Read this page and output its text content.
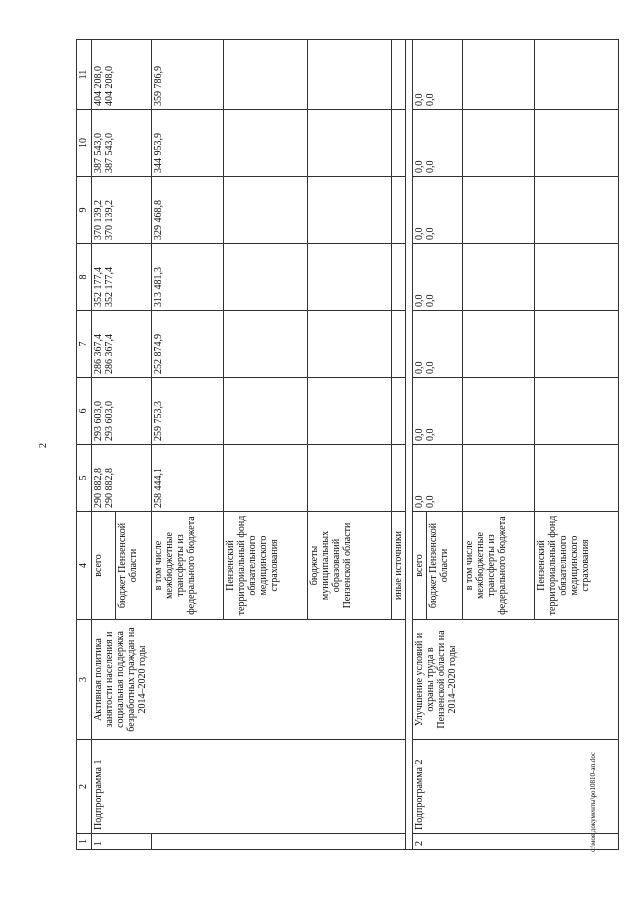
2
1	2	3	4	5	6	7	8	9	10	11
1	Подпрограмма 1	Активная политика занятости населения и социальная поддержка безработных граждан на 2014–2020 годы	всего	290 882,8 290 882,8	293 603,0 293 603,0	286 367,4 286 367,4	352 177,4 352 177,4	370 139,2 370 139,2	387 543,0 387 543,0	404 208,0 404 208,0

			бюджет Пензенской области							
			в том числе межбюджетные трансферты из федерального бюджета	258 444,1	259 753,3	252 874,9	313 481,3	329 468,8	344 953,9	359 786,9
			Пензенский территориальный фонд обязательного медицинского страхования							
			бюджеты муниципальных образований Пензенской области							
			иные источники							

2	Подпрограмма 2	Улучшение условий и охраны труда в Пензенской области на 2014–2020 годы	всего	0,0 0,0	0,0 0,0	0,0 0,0	0,0 0,0	0,0 0,0	0,0 0,0	0,0 0,0

			бюджет Пензенской области							
			в том числе межбюджетные трансферты из федерального бюджета							
			Пензенский территориальный фонд обязательного медицинского страхования							
c:\моя документы\ро10810-ап.doc
